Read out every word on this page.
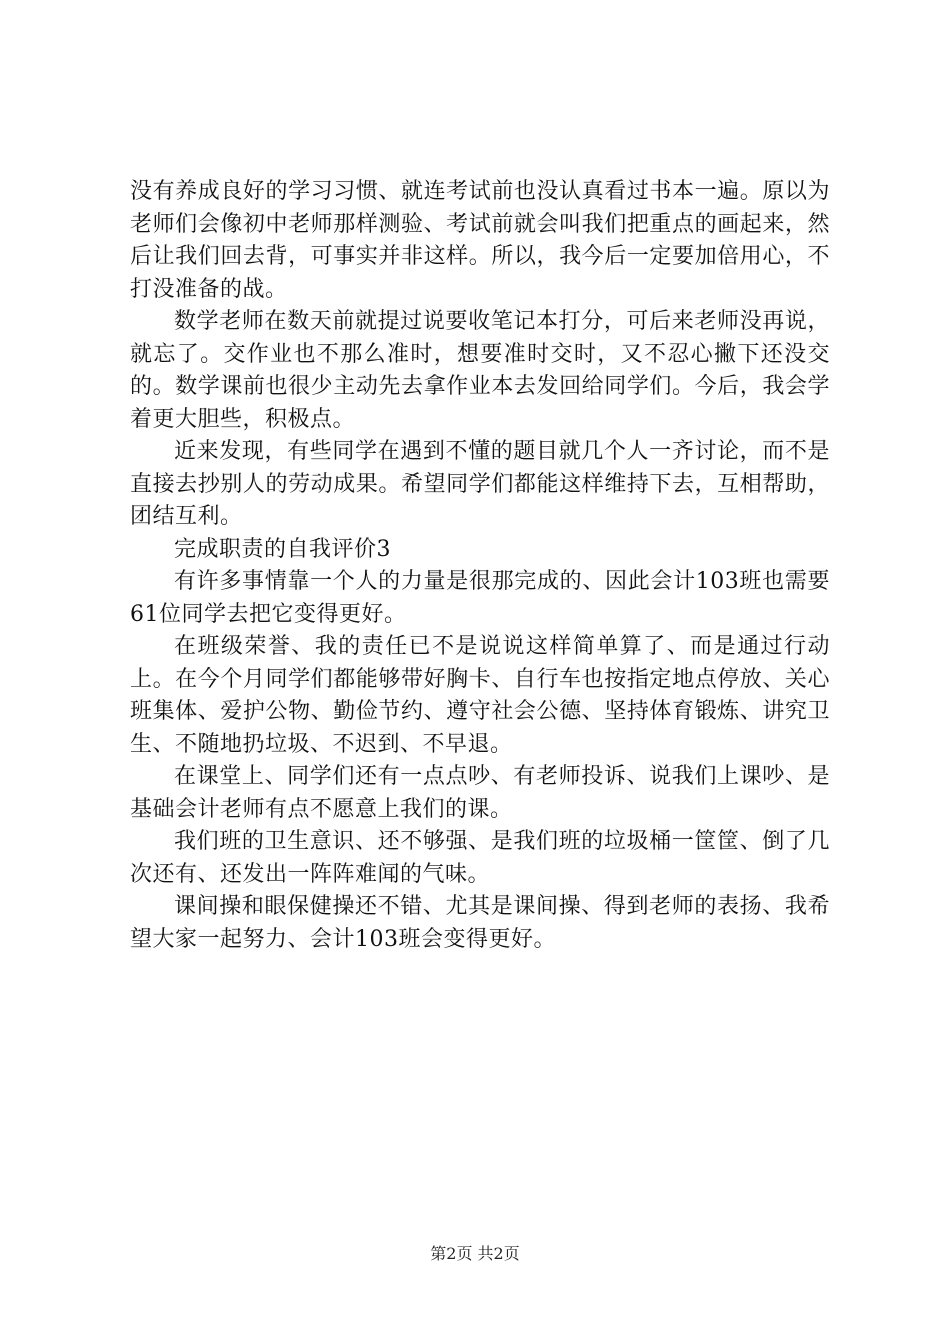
没有养成良好的学习习惯、就连考试前也没认真看过书本一遍。原以为老师们会像初中老师那样测验、考试前就会叫我们把重点的画起来，然后让我们回去背，可事实并非这样。所以，我今后一定要加倍用心，不打没准备的战。

数学老师在数天前就提过说要收笔记本打分，可后来老师没再说，就忘了。交作业也不那么准时，想要准时交时，又不忍心撇下还没交的。数学课前也很少主动先去拿作业本去发回给同学们。今后，我会学着更大胆些，积极点。

近来发现，有些同学在遇到不懂的题目就几个人一齐讨论，而不是直接去抄别人的劳动成果。希望同学们都能这样维持下去，互相帮助，团结互利。

完成职责的自我评价3

有许多事情靠一个人的力量是很那完成的、因此会计103班也需要61位同学去把它变得更好。

在班级荣誉、我的责任已不是说说这样简单算了、而是通过行动上。在今个月同学们都能够带好胸卡、自行车也按指定地点停放、关心班集体、爱护公物、勤俭节约、遵守社会公德、坚持体育锻炼、讲究卫生、不随地扔垃圾、不迟到、不早退。

在课堂上、同学们还有一点点吵、有老师投诉、说我们上课吵、是基础会计老师有点不愿意上我们的课。

我们班的卫生意识、还不够强、是我们班的垃圾桶一筐筐、倒了几次还有、还发出一阵阵难闻的气味。

课间操和眼保健操还不错、尤其是课间操、得到老师的表扬、我希望大家一起努力、会计103班会变得更好。

第2页 共2页
